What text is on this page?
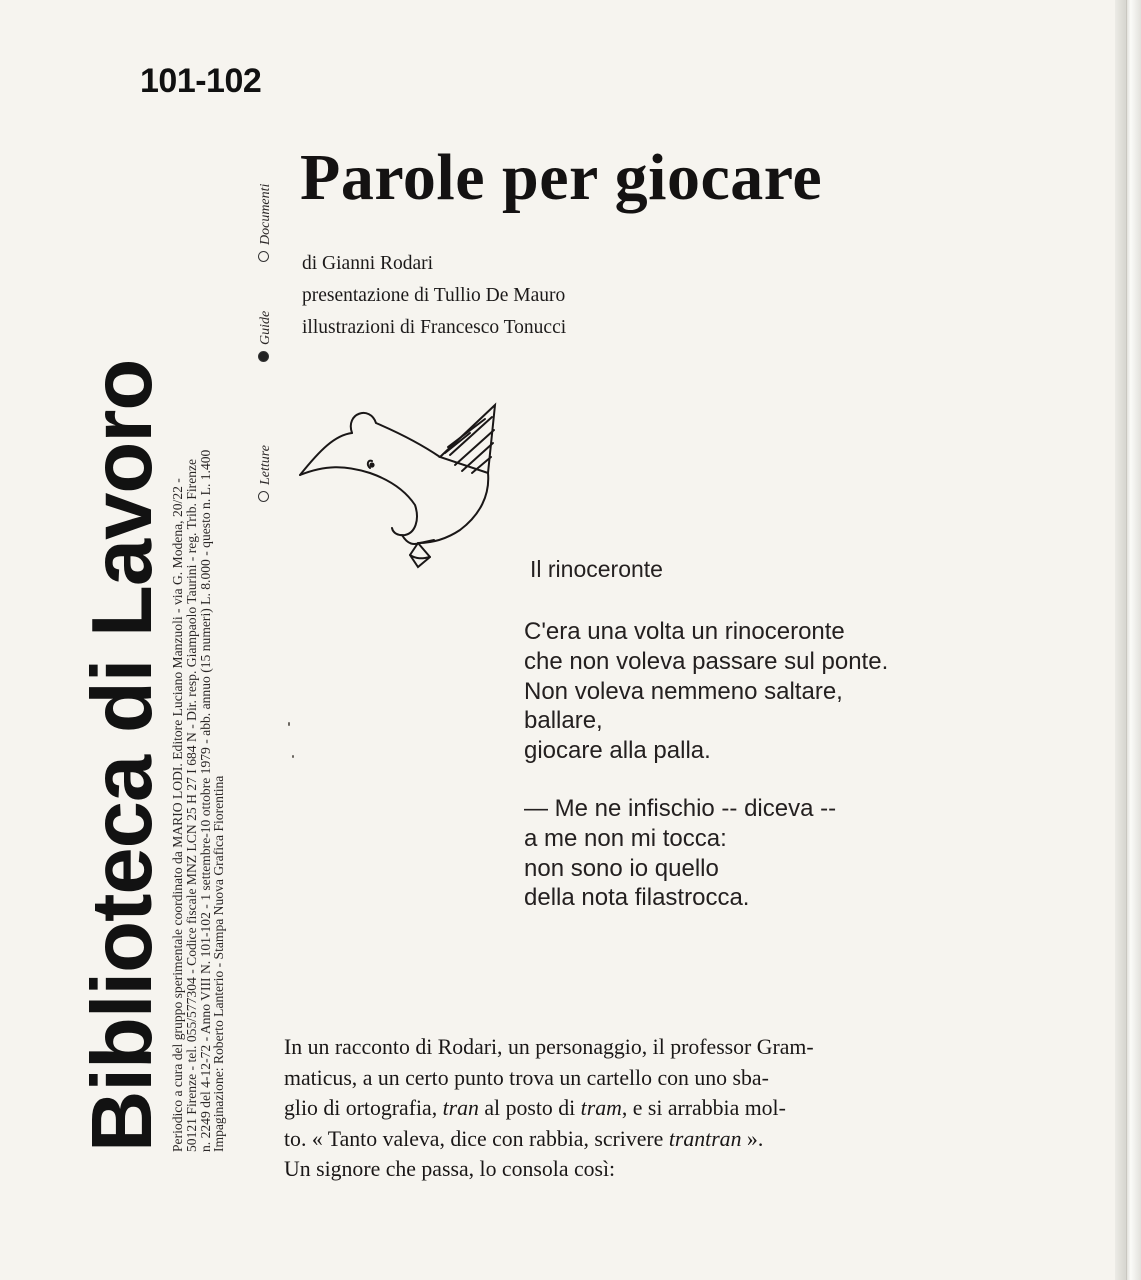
101-102
Biblioteca di Lavoro Periodico a cura del gruppo sperimentale coordinato da MARIO LODI. Editore Luciano Manzuoli - via G. Modena, 20/22 -
50121 Firenze - tel. 055/577304 - Codice fiscale MNZ LCN 25 H 27 I 684 N - Dir. resp. Giampaolo Taurini - reg. Trib. Firenze
n. 2249 del 4-12-72 - Anno VIII N. 101-102 - 1 settembre-10 ottobre 1979 - abb. annuo (15 numeri) L. 8.000 - questo n. L. 1.400
Impaginazione: Roberto Lanterio - Stampa Nuova Grafica Fiorentina
Letture
Guide
Documenti
Parole per giocare
di Gianni Rodari
presentazione di Tullio De Mauro
illustrazioni di Francesco Tonucci
Il rinoceronte
C'era una volta un rinoceronte
che non voleva passare sul ponte.
Non voleva nemmeno saltare,
ballare,
giocare alla palla.
— Me ne infischio -- diceva --
a me non mi tocca:
non sono io quello
della nota filastrocca.
In un racconto di Rodari, un personaggio, il professor Gram-
maticus, a un certo punto trova un cartello con uno sba-
glio di ortografia, tran al posto di tram, e si arrabbia mol-
to. « Tanto valeva, dice con rabbia, scrivere trantran ».
Un signore che passa, lo consola così:
